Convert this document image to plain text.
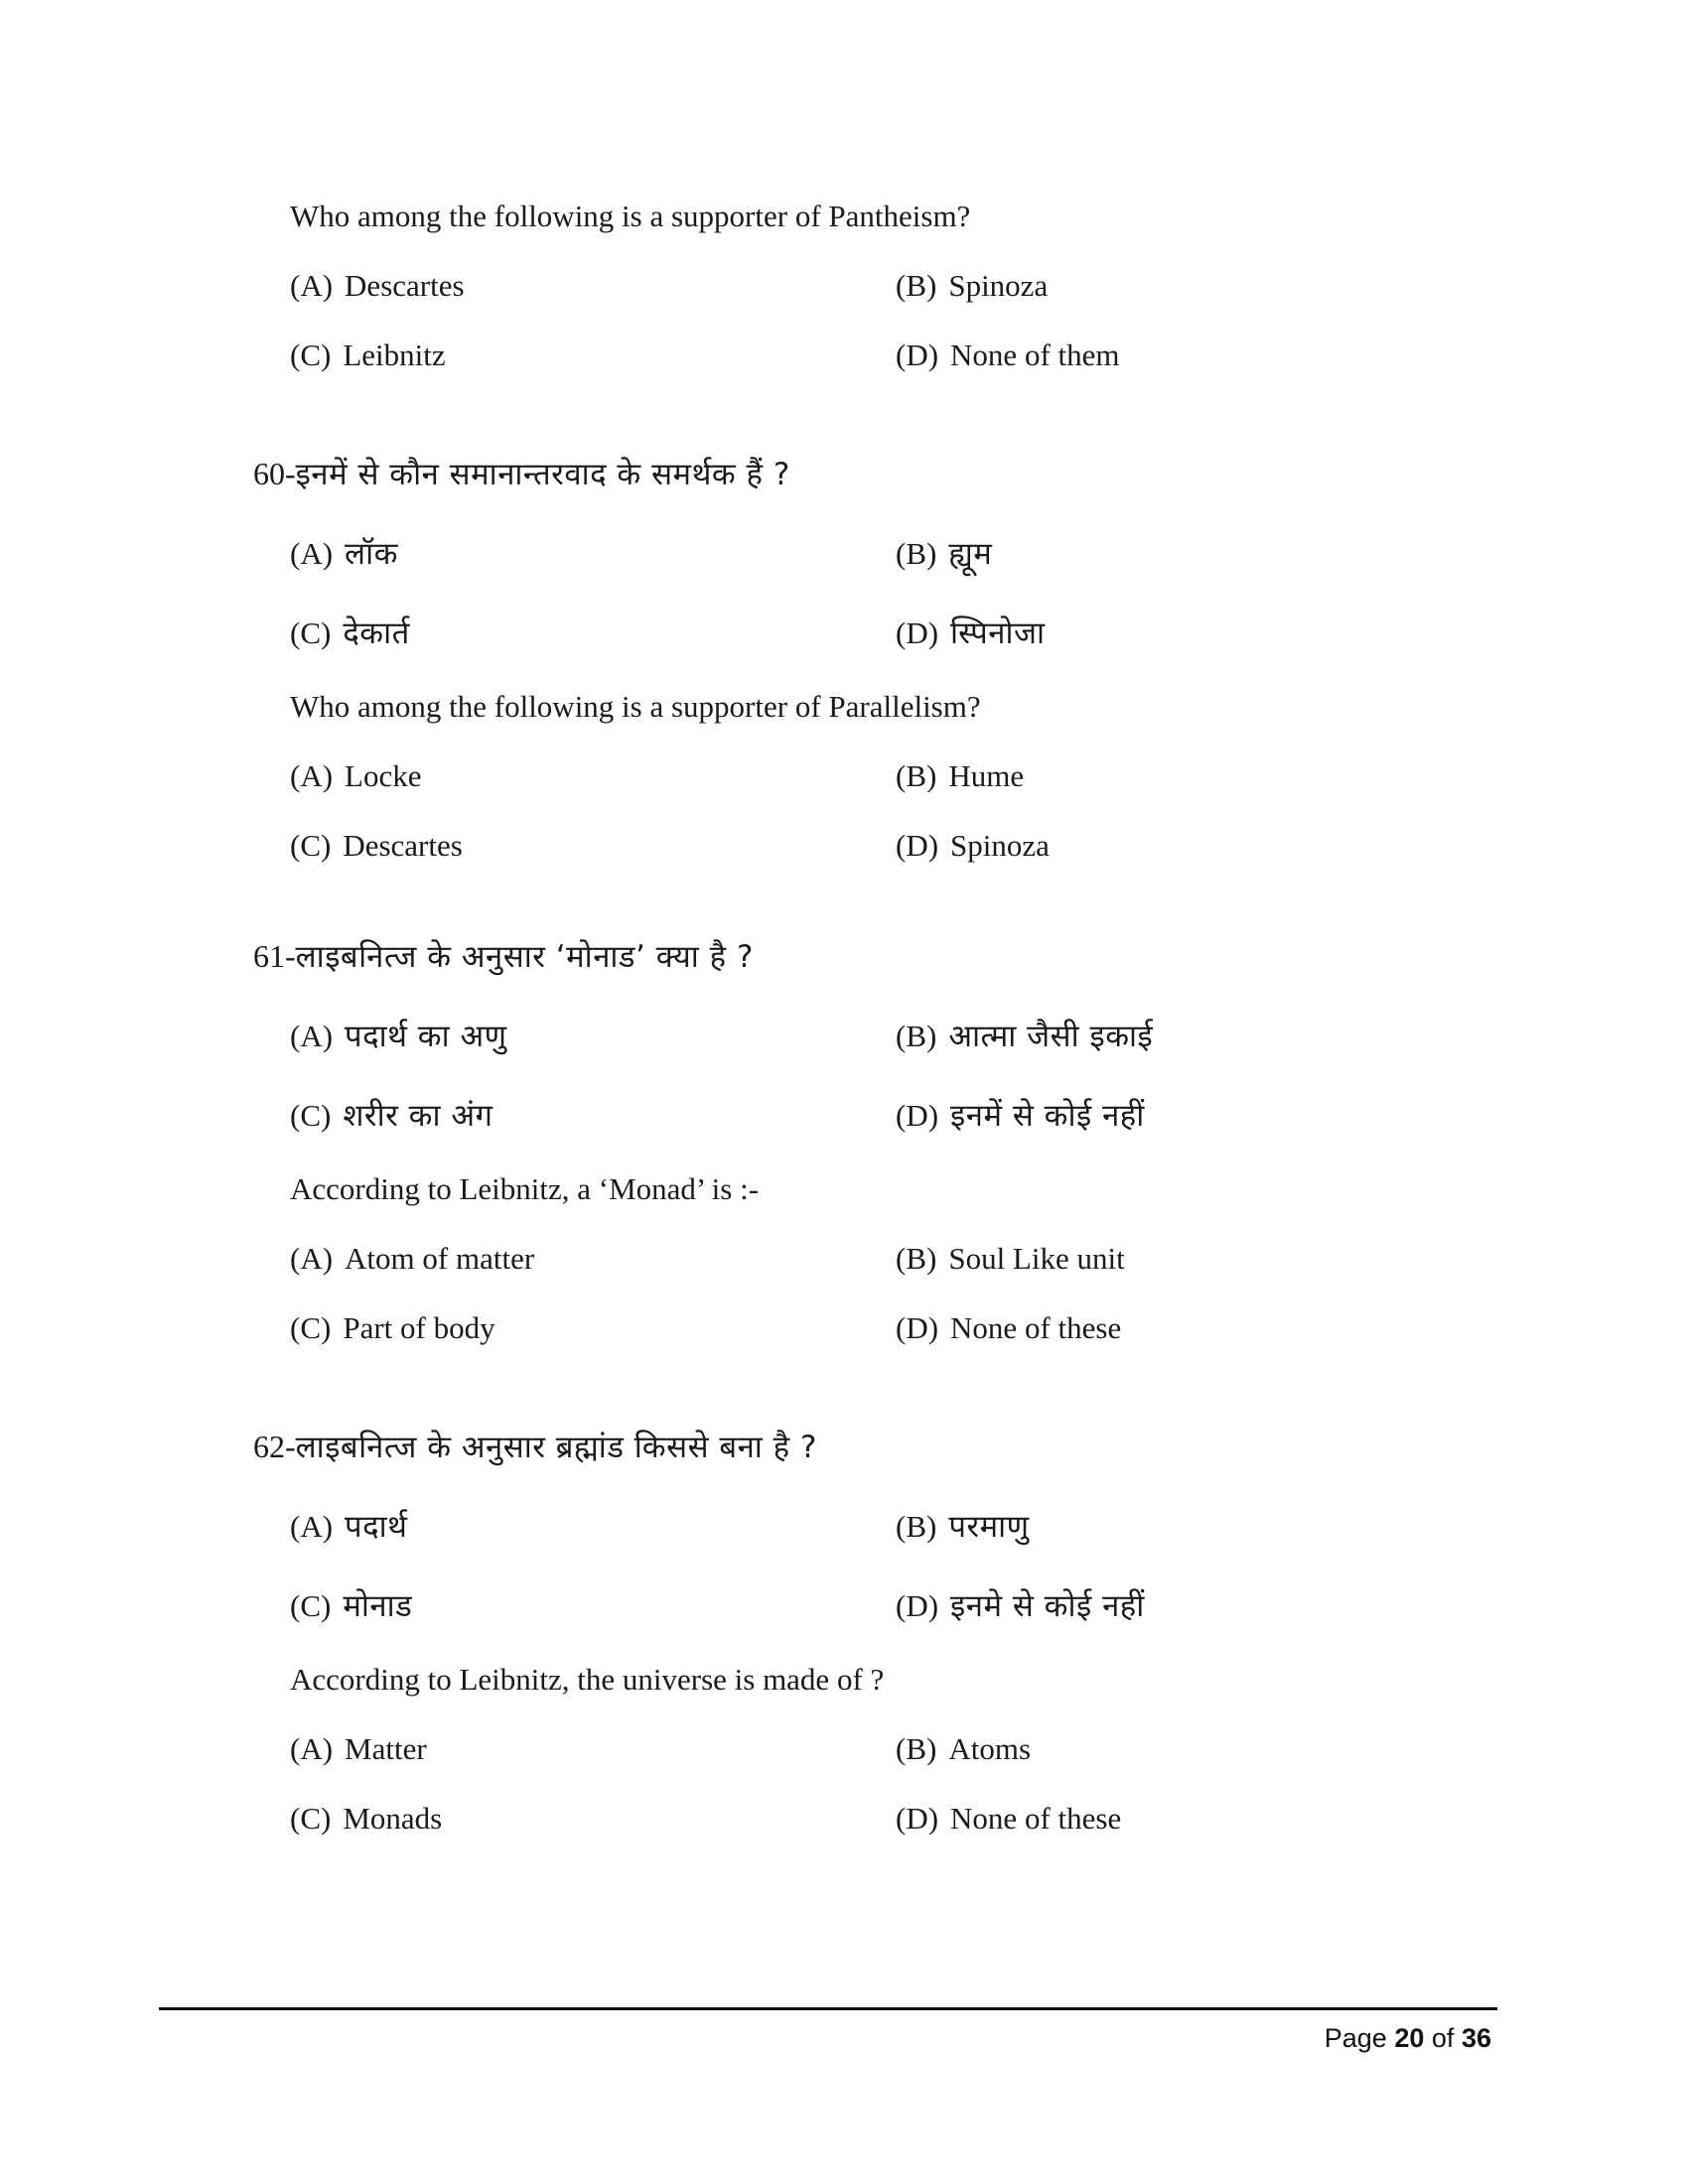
Who among the following is a supporter of Pantheism?
(A) Descartes	(B) Spinoza
(C) Leibnitz	(D) None of them
60-इनमें से कौन समानान्तरवाद के समर्थक हैं ?
(A) लॉक	(B) ह्यूम
(C) देकार्त	(D) स्पिनोजा
Who among the following is a supporter of Parallelism?
(A) Locke	(B) Hume
(C) Descartes	(D) Spinoza
61-लाइबनित्ज के अनुसार ‘मोनाड’ क्या है ?
(A) पदार्थ का अणु	(B) आत्मा जैसी इकाई
(C) शरीर का अंग	(D) इनमें से कोई नहीं
According to Leibnitz, a ‘Monad’ is :-
(A) Atom of matter	(B) Soul Like unit
(C) Part of body	(D) None of these
62-लाइबनित्ज के अनुसार ब्रह्मांड किससे बना है ?
(A) पदार्थ	(B) परमाणु
(C) मोनाड	(D) इनमे से कोई नहीं
According to Leibnitz, the universe is made of ?
(A) Matter	(B) Atoms
(C) Monads	(D) None of these
Page 20 of 36
